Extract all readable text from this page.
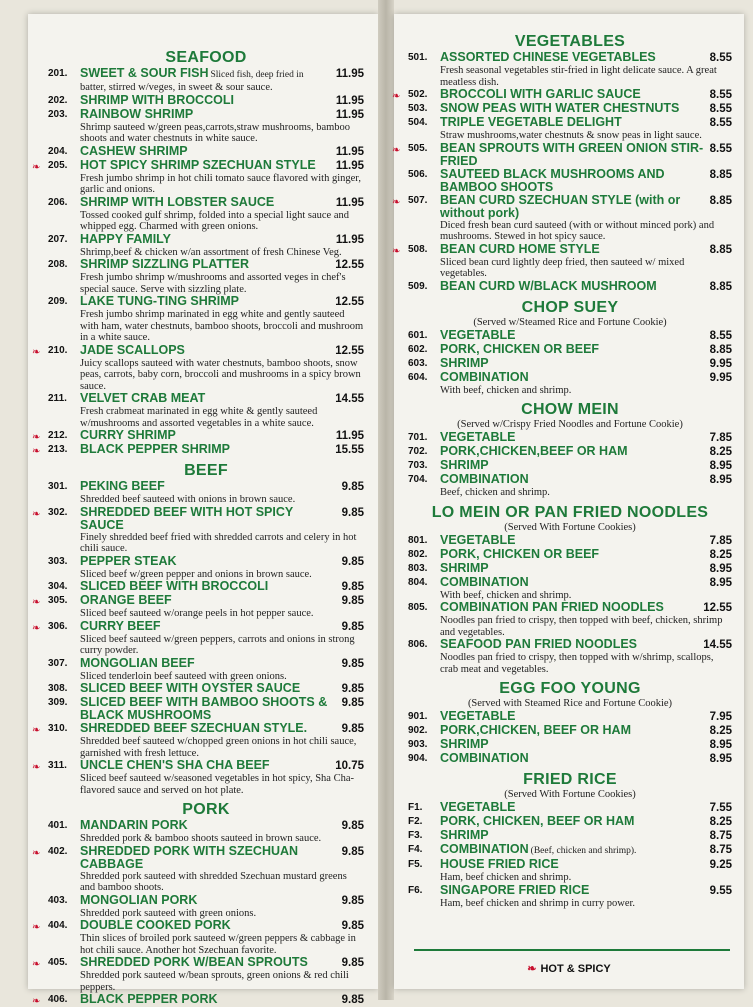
SEAFOOD
201. SWEET & SOUR FISH Sliced fish, deep fried in	11.95
batter, stirred w/veges, in sweet & sour sauce.
202. SHRIMP WITH BROCCOLI	11.95
203. RAINBOW SHRIMP	11.95
Shrimp sauteed w/green peas,carrots,straw mushrooms, bamboo shoots and water chestnuts in white sauce.
204. CASHEW SHRIMP	11.95
❧ 205. HOT SPICY SHRIMP SZECHUAN STYLE	11.95
Fresh jumbo shrimp in hot chili tomato sauce flavored with ginger, garlic and onions.
206. SHRIMP WITH LOBSTER SAUCE	11.95
Tossed cooked gulf shrimp, folded into a special light sauce and whipped egg. Charmed with green onions.
207. HAPPY FAMILY	11.95
Shrimp,beef & chicken w/an assortment of fresh Chinese Veg.
208. SHRIMP SIZZLING PLATTER	12.55
Fresh jumbo shrimp w/mushrooms and assorted veges in chef's special sauce. Serve with sizzling plate.
209. LAKE TUNG-TING SHRIMP	12.55
Fresh jumbo shrimp marinated in egg white and gently sauteed with ham, water chestnuts, bamboo shoots, broccoli and mushroom in a white sauce.
❧ 210. JADE SCALLOPS	12.55
Juicy scallops sauteed with water chestnuts, bamboo shoots, snow peas, carrots, baby corn, broccoli and mushrooms in a spicy brown sauce.
211. VELVET CRAB MEAT	14.55
Fresh crabmeat marinated in egg white & gently sauteed w/mushrooms and assorted vegetables in a white sauce.
❧ 212. CURRY SHRIMP	11.95
❧ 213. BLACK PEPPER SHRIMP	15.55
BEEF
301. PEKING BEEF	9.85
Shredded beef sauteed with onions in brown sauce.
❧ 302. SHREDDED BEEF WITH HOT SPICY SAUCE
9.85
Finely shredded beef fried with shredded carrots and celery in hot chili sauce.
303. PEPPER STEAK	9.85
Sliced beef w/green pepper and onions in brown sauce.
304. SLICED BEEF WITH BROCCOLI	9.85
❧ 305. ORANGE BEEF	9.85
Sliced beef sauteed w/orange peels in hot pepper sauce.
❧ 306. CURRY BEEF	9.85
Sliced beef sauteed w/green peppers, carrots and onions in strong curry powder.
307. MONGOLIAN BEEF	9.85
Sliced tenderloin beef sauteed with green onions.
308. SLICED BEEF WITH OYSTER SAUCE	9.85
309. SLICED BEEF WITH BAMBOO SHOOTS & BLACK MUSHROOMS
9.85
❧ 310. SHREDDED BEEF SZECHUAN STYLE.	9.85
Shredded beef sauteed w/chopped green onions in hot chili sauce, garnished with fresh lettuce.
❧ 311. UNCLE CHEN'S SHA CHA BEEF	10.75
Sliced beef sauteed w/seasoned vegetables in hot spicy, Sha Cha-flavored sauce and served on hot plate.
PORK
401. MANDARIN PORK	9.85
Shredded pork & bamboo shoots sauteed in brown sauce.
❧ 402. SHREDDED PORK WITH SZECHUAN CABBAGE
9.85
Shredded pork sauteed with shredded Szechuan mustard greens and bamboo shoots.
403. MONGOLIAN PORK	9.85
Shredded pork sauteed with green onions.
❧ 404. DOUBLE COOKED PORK	9.85
Thin slices of broiled pork sauteed w/green peppers & cabbage in hot chili sauce. Another hot Szechuan favorite.
❧ 405. SHREDDED PORK W/BEAN SPROUTS	9.85
Shredded pork sauteed w/bean sprouts, green onions & red chili peppers.
❧ 406. BLACK PEPPER PORK	9.85
VEGETABLES
501. ASSORTED CHINESE VEGETABLES	8.55
Fresh seasonal vegetables stir-fried in light delicate sauce. A great meatless dish.
❧ 502. BROCCOLI WITH GARLIC SAUCE	8.55
503. SNOW PEAS WITH WATER CHESTNUTS	8.55
504. TRIPLE VEGETABLE DELIGHT	8.55
Straw mushrooms,water chestnuts & snow peas in light sauce.
❧ 505. BEAN SPROUTS WITH GREEN ONION STIR-FRIED
8.55
506. SAUTEED BLACK MUSHROOMS AND BAMBOO SHOOTS
8.85
❧ 507. BEAN CURD SZECHUAN STYLE (with or without pork)
8.85
Diced fresh bean curd sauteed (with or without minced pork) and mushrooms. Stewed in hot spicy sauce.
❧ 508. BEAN CURD HOME STYLE	8.85
Sliced bean curd lightly deep fried, then sauteed w/ mixed vegetables.
509. BEAN CURD W/BLACK MUSHROOM	8.85
CHOP SUEY
(Served w/Steamed Rice and Fortune Cookie)
601. VEGETABLE	8.55
602. PORK, CHICKEN OR BEEF	8.85
603. SHRIMP	9.95
604. COMBINATION	9.95
With beef, chicken and shrimp.
CHOW MEIN
(Served w/Crispy Fried Noodles and Fortune Cookie)
701. VEGETABLE	7.85
702. PORK,CHICKEN,BEEF OR HAM	8.25
703. SHRIMP	8.95
704. COMBINATION	8.95
Beef, chicken and shrimp.
LO MEIN OR PAN FRIED NOODLES
(Served With Fortune Cookies)
801. VEGETABLE	7.85
802. PORK, CHICKEN OR BEEF	8.25
803. SHRIMP	8.95
804. COMBINATION	8.95
With beef, chicken and shrimp.
805. COMBINATION PAN FRIED NOODLES	12.55
Noodles pan fried to crispy, then topped with beef, chicken, shrimp and vegetables.
806. SEAFOOD PAN FRIED NOODLES	14.55
Noodles pan fried to crispy, then topped with w/shrimp, scallops, crab meat and vegetables.
EGG FOO YOUNG
(Served with Steamed Rice and Fortune Cookie)
901. VEGETABLE	7.95
902. PORK,CHICKEN, BEEF OR HAM	8.25
903. SHRIMP	8.95
904. COMBINATION	8.95
FRIED RICE
(Served With Fortune Cookies)
F1. VEGETABLE	7.55
F2. PORK, CHICKEN, BEEF OR HAM	8.25
F3. SHRIMP	8.75
F4. COMBINATION (Beef, chicken and shrimp).	8.75
F5. HOUSE FRIED RICE	9.25
Ham, beef chicken and shrimp.
F6. SINGAPORE FRIED RICE	9.55
Ham, beef chicken and shrimp in curry power.
❧ HOT & SPICY
